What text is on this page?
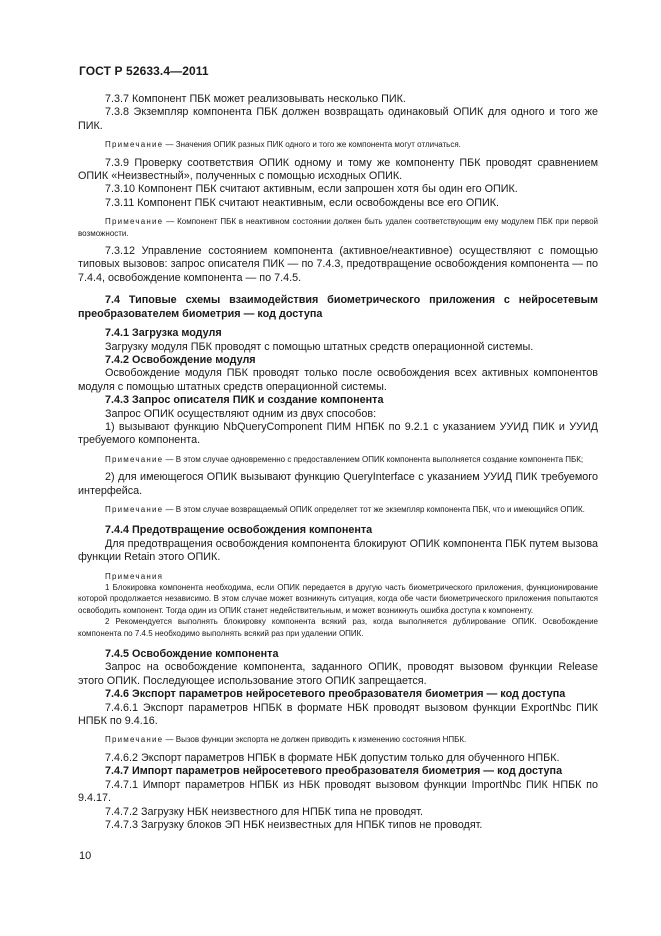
ГОСТ Р 52633.4—2011

7.3.7 Компонент ПБК может реализовывать несколько ПИК.

7.3.8 Экземпляр компонента ПБК должен возвращать одинаковый ОПИК для одного и того же ПИК.

Примечание — Значения ОПИК разных ПИК одного и того же компонента могут отличаться.

7.3.9 Проверку соответствия ОПИК одному и тому же компоненту ПБК проводят сравнением ОПИК «Неизвестный», полученных с помощью исходных ОПИК.

7.3.10 Компонент ПБК считают активным, если запрошен хотя бы один его ОПИК.

7.3.11 Компонент ПБК считают неактивным, если освобождены все его ОПИК.

Примечание — Компонент ПБК в неактивном состоянии должен быть удален соответствующим ему модулем ПБК при первой возможности.

7.3.12 Управление состоянием компонента (активное/неактивное) осуществляют с помощью типовых вызовов: запрос описателя ПИК — по 7.4.3, предотвращение освобождения компонента — по 7.4.4, освобождение компонента — по 7.4.5.

7.4 Типовые схемы взаимодействия биометрического приложения с нейросетевым преобразователем биометрия — код доступа

7.4.1 Загрузка модуля

Загрузку модуля ПБК проводят с помощью штатных средств операционной системы.

7.4.2 Освобождение модуля

Освобождение модуля ПБК проводят только после освобождения всех активных компонентов модуля с помощью штатных средств операционной системы.

7.4.3 Запрос описателя ПИК и создание компонента

Запрос ОПИК осуществляют одним из двух способов:

1) вызывают функцию NbQueryComponent ПИМ НПБК по 9.2.1 с указанием УУИД ПИК и УУИД требуемого компонента.

Примечание — В этом случае одновременно с предоставлением ОПИК компонента выполняется создание компонента ПБК;

2) для имеющегося ОПИК вызывают функцию QueryInterface с указанием УУИД ПИК требуемого интерфейса.

Примечание — В этом случае возвращаемый ОПИК определяет тот же экземпляр компонента ПБК, что и имеющийся ОПИК.

7.4.4 Предотвращение освобождения компонента

Для предотвращения освобождения компонента блокируют ОПИК компонента ПБК путем вызова функции Retain этого ОПИК.

Примечания

1 Блокировка компонента необходима, если ОПИК передается в другую часть биометрического приложения, функционирование которой продолжается независимо. В этом случае может возникнуть ситуация, когда обе части биометрического приложения попытаются освободить компонент. Тогда один из ОПИК станет недействительным, и может возникнуть ошибка доступа к компоненту.

2 Рекомендуется выполнять блокировку компонента всякий раз, когда выполняется дублирование ОПИК. Освобождение компонента по 7.4.5 необходимо выполнять всякий раз при удалении ОПИК.

7.4.5 Освобождение компонента

Запрос на освобождение компонента, заданного ОПИК, проводят вызовом функции Release этого ОПИК. Последующее использование этого ОПИК запрещается.

7.4.6 Экспорт параметров нейросетевого преобразователя биометрия — код доступа

7.4.6.1 Экспорт параметров НПБК в формате НБК проводят вызовом функции ExportNbc ПИК НПБК по 9.4.16.

Примечание — Вызов функции экспорта не должен приводить к изменению состояния НПБК.

7.4.6.2 Экспорт параметров НПБК в формате НБК допустим только для обученного НПБК.

7.4.7 Импорт параметров нейросетевого преобразователя биометрия — код доступа

7.4.7.1 Импорт параметров НПБК из НБК проводят вызовом функции ImportNbc ПИК НПБК по 9.4.17.

7.4.7.2 Загрузку НБК неизвестного для НПБК типа не проводят.

7.4.7.3 Загрузку блоков ЭП НБК неизвестных для НПБК типов не проводят.

10
